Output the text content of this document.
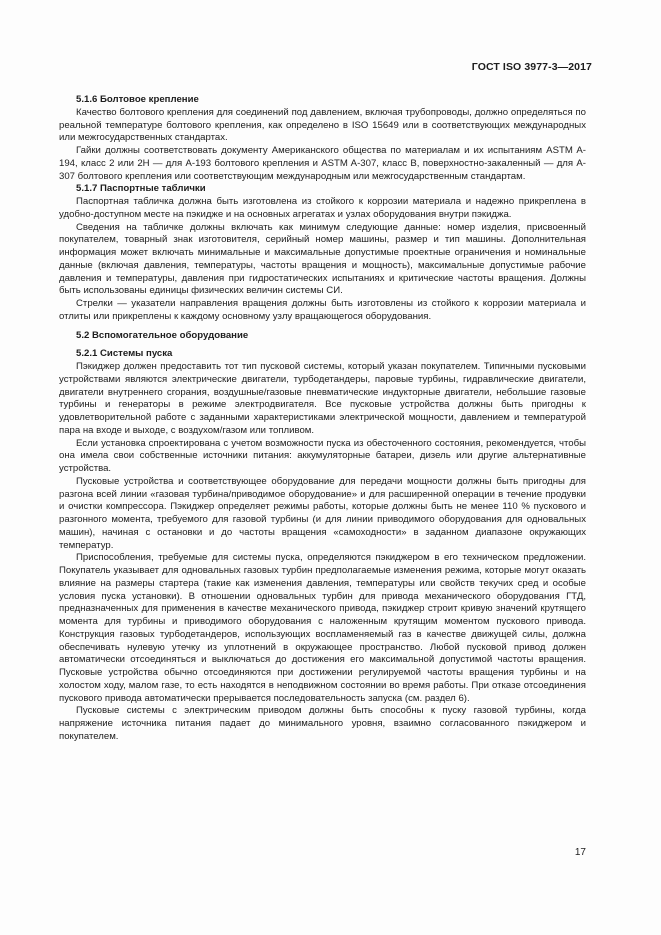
ГОСТ ISO 3977-3—2017

5.1.6 Болтовое крепление

Качество болтового крепления для соединений под давлением, включая трубопроводы, должно определяться по реальной температуре болтового крепления, как определено в ISO 15649 или в соответствующих международных или межгосударственных стандартах.

Гайки должны соответствовать документу Американского общества по материалам и их испытаниям ASTM A-194, класс 2 или 2H — для A-193 болтового крепления и ASTM A-307, класс B, поверхностно-закаленный — для A-307 болтового крепления или соответствующим международным или межгосударственным стандартам.

5.1.7 Паспортные таблички

Паспортная табличка должна быть изготовлена из стойкого к коррозии материала и надежно прикреплена в удобно-доступном месте на пэкидже и на основных агрегатах и узлах оборудования внутри пэкиджа.

Сведения на табличке должны включать как минимум следующие данные: номер изделия, присвоенный покупателем, товарный знак изготовителя, серийный номер машины, размер и тип машины. Дополнительная информация может включать минимальные и максимальные допустимые проектные ограничения и номинальные данные (включая давления, температуры, частоты вращения и мощность), максимальные допустимые рабочие давления и температуры, давления при гидростатических испытаниях и критические частоты вращения. Должны быть использованы единицы физических величин системы СИ.

Стрелки — указатели направления вращения должны быть изготовлены из стойкого к коррозии материала и отлиты или прикреплены к каждому основному узлу вращающегося оборудования.

5.2 Вспомогательное оборудование

5.2.1 Системы пуска

Пэкиджер должен предоставить тот тип пусковой системы, который указан покупателем. Типичными пусковыми устройствами являются электрические двигатели, турбодетандеры, паровые турбины, гидравлические двигатели, двигатели внутреннего сгорания, воздушные/газовые пневматические индукторные двигатели, небольшие газовые турбины и генераторы в режиме электродвигателя. Все пусковые устройства должны быть пригодны к удовлетворительной работе с заданными характеристиками электрической мощности, давлением и температурой пара на входе и выходе, с воздухом/газом или топливом.

Если установка спроектирована с учетом возможности пуска из обесточенного состояния, рекомендуется, чтобы она имела свои собственные источники питания: аккумуляторные батареи, дизель или другие альтернативные устройства.

Пусковые устройства и соответствующее оборудование для передачи мощности должны быть пригодны для разгона всей линии «газовая турбина/приводимое оборудование» и для расширенной операции в течение продувки и очистки компрессора. Пэкиджер определяет режимы работы, которые должны быть не менее 110 % пускового и разгонного момента, требуемого для газовой турбины (и для линии приводимого оборудования для одновальных машин), начиная с остановки и до частоты вращения «самоходности» в заданном диапазоне окружающих температур.

Приспособления, требуемые для системы пуска, определяются пэкиджером в его техническом предложении. Покупатель указывает для одновальных газовых турбин предполагаемые изменения режима, которые могут оказать влияние на размеры стартера (такие как изменения давления, температуры или свойств текучих сред и особые условия пуска установки). В отношении одновальных турбин для привода механического оборудования ГТД, предназначенных для применения в качестве механического привода, пэкиджер строит кривую значений крутящего момента для турбины и приводимого оборудования с наложенным крутящим моментом пускового привода. Конструкция газовых турбодетандеров, использующих воспламеняемый газ в качестве движущей силы, должна обеспечивать нулевую утечку из уплотнений в окружающее пространство. Любой пусковой привод должен автоматически отсоединяться и выключаться до достижения его максимальной допустимой частоты вращения. Пусковые устройства обычно отсоединяются при достижении регулируемой частоты вращения турбины и на холостом ходу, малом газе, то есть находятся в неподвижном состоянии во время работы. При отказе отсоединения пускового привода автоматически прерывается последовательность запуска (см. раздел 6).

Пусковые системы с электрическим приводом должны быть способны к пуску газовой турбины, когда напряжение источника питания падает до минимального уровня, взаимно согласованного пэкиджером и покупателем.

17
